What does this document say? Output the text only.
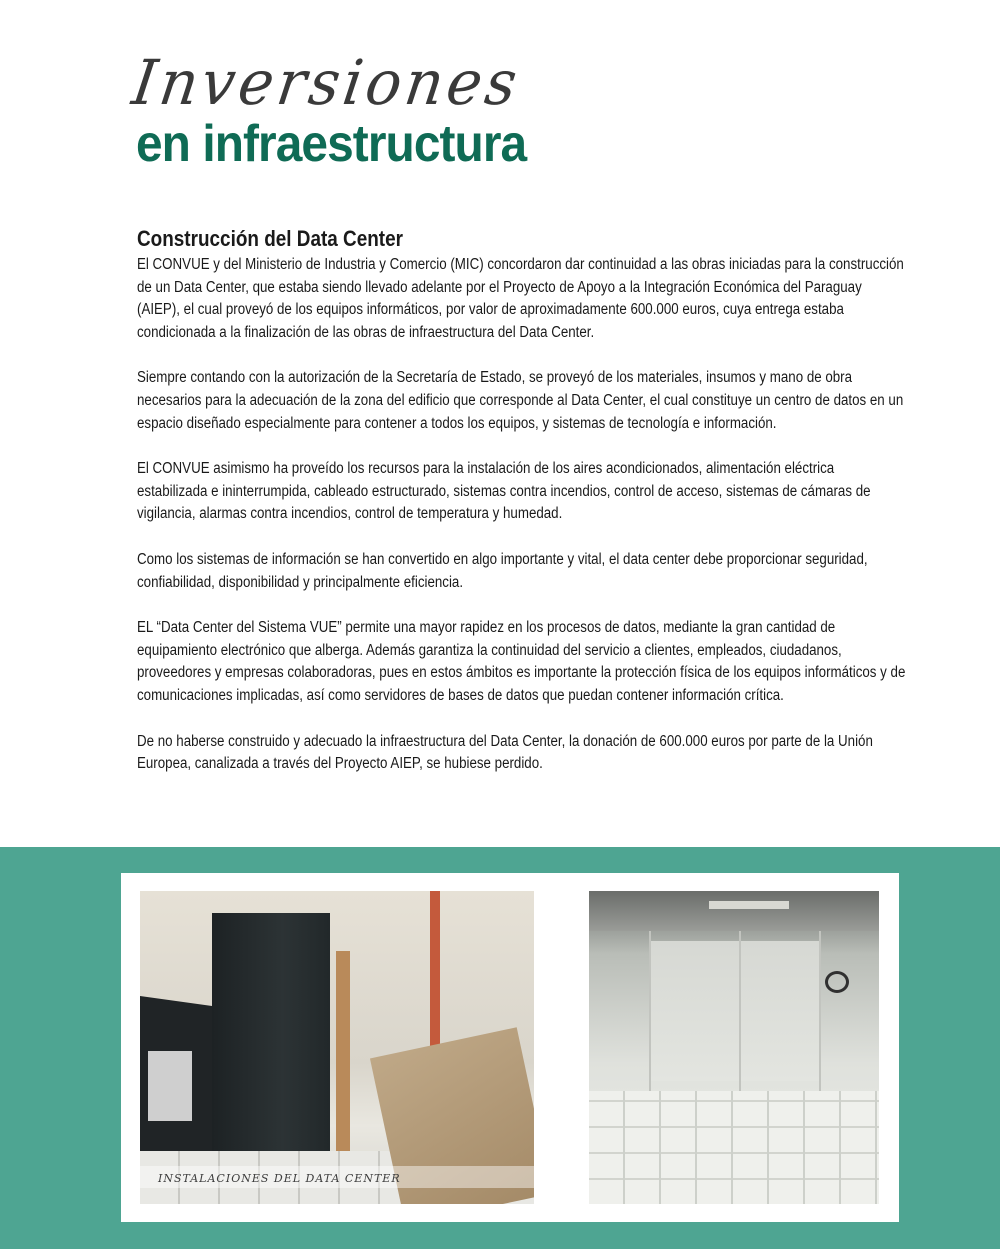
Inversiones
en infraestructura
Construcción del Data Center

El CONVUE y del Ministerio de Industria y Comercio (MIC) concordaron dar continuidad a las obras iniciadas para la construcción de un Data Center, que estaba siendo llevado adelante por el Proyecto de Apoyo a la Integración Económica del Paraguay (AIEP), el cual proveyó de los equipos informáticos, por valor de aproximadamente 600.000 euros, cuya entrega estaba condicionada a la finalización de las obras de infraestructura del Data Center.

Siempre contando con la autorización de la Secretaría de Estado, se proveyó de los materiales, insumos y mano de obra necesarios para la adecuación de la zona del edificio que corresponde al Data Center, el cual constituye un centro de datos en un espacio diseñado especialmente para contener a todos los equipos, y sistemas de tecnología e información.

El CONVUE asimismo ha proveído los recursos para la instalación de los aires acondicionados, alimentación eléctrica estabilizada e ininterrumpida, cableado estructurado, sistemas contra incendios, control de acceso, sistemas de cámaras de vigilancia, alarmas contra incendios, control de temperatura y humedad.

Como los sistemas de información se han convertido en algo importante y vital, el data center debe proporcionar seguridad, confiabilidad, disponibilidad y principalmente eficiencia.

EL “Data Center del Sistema VUE” permite una mayor rapidez en los procesos de datos, mediante la gran cantidad de equipamiento electrónico que alberga. Además garantiza la continuidad del servicio a clientes, empleados, ciudadanos, proveedores y empresas colaboradoras, pues en estos ámbitos es importante la protección física de los equipos informáticos y de comunicaciones implicadas, así como servidores de bases de datos que puedan contener información crítica.

De no haberse construido y adecuado la infraestructura del Data Center, la donación de 600.000 euros por parte de la Unión Europea, canalizada a través del Proyecto AIEP, se hubiese perdido.

INSTALACIONES DEL DATA CENTER
